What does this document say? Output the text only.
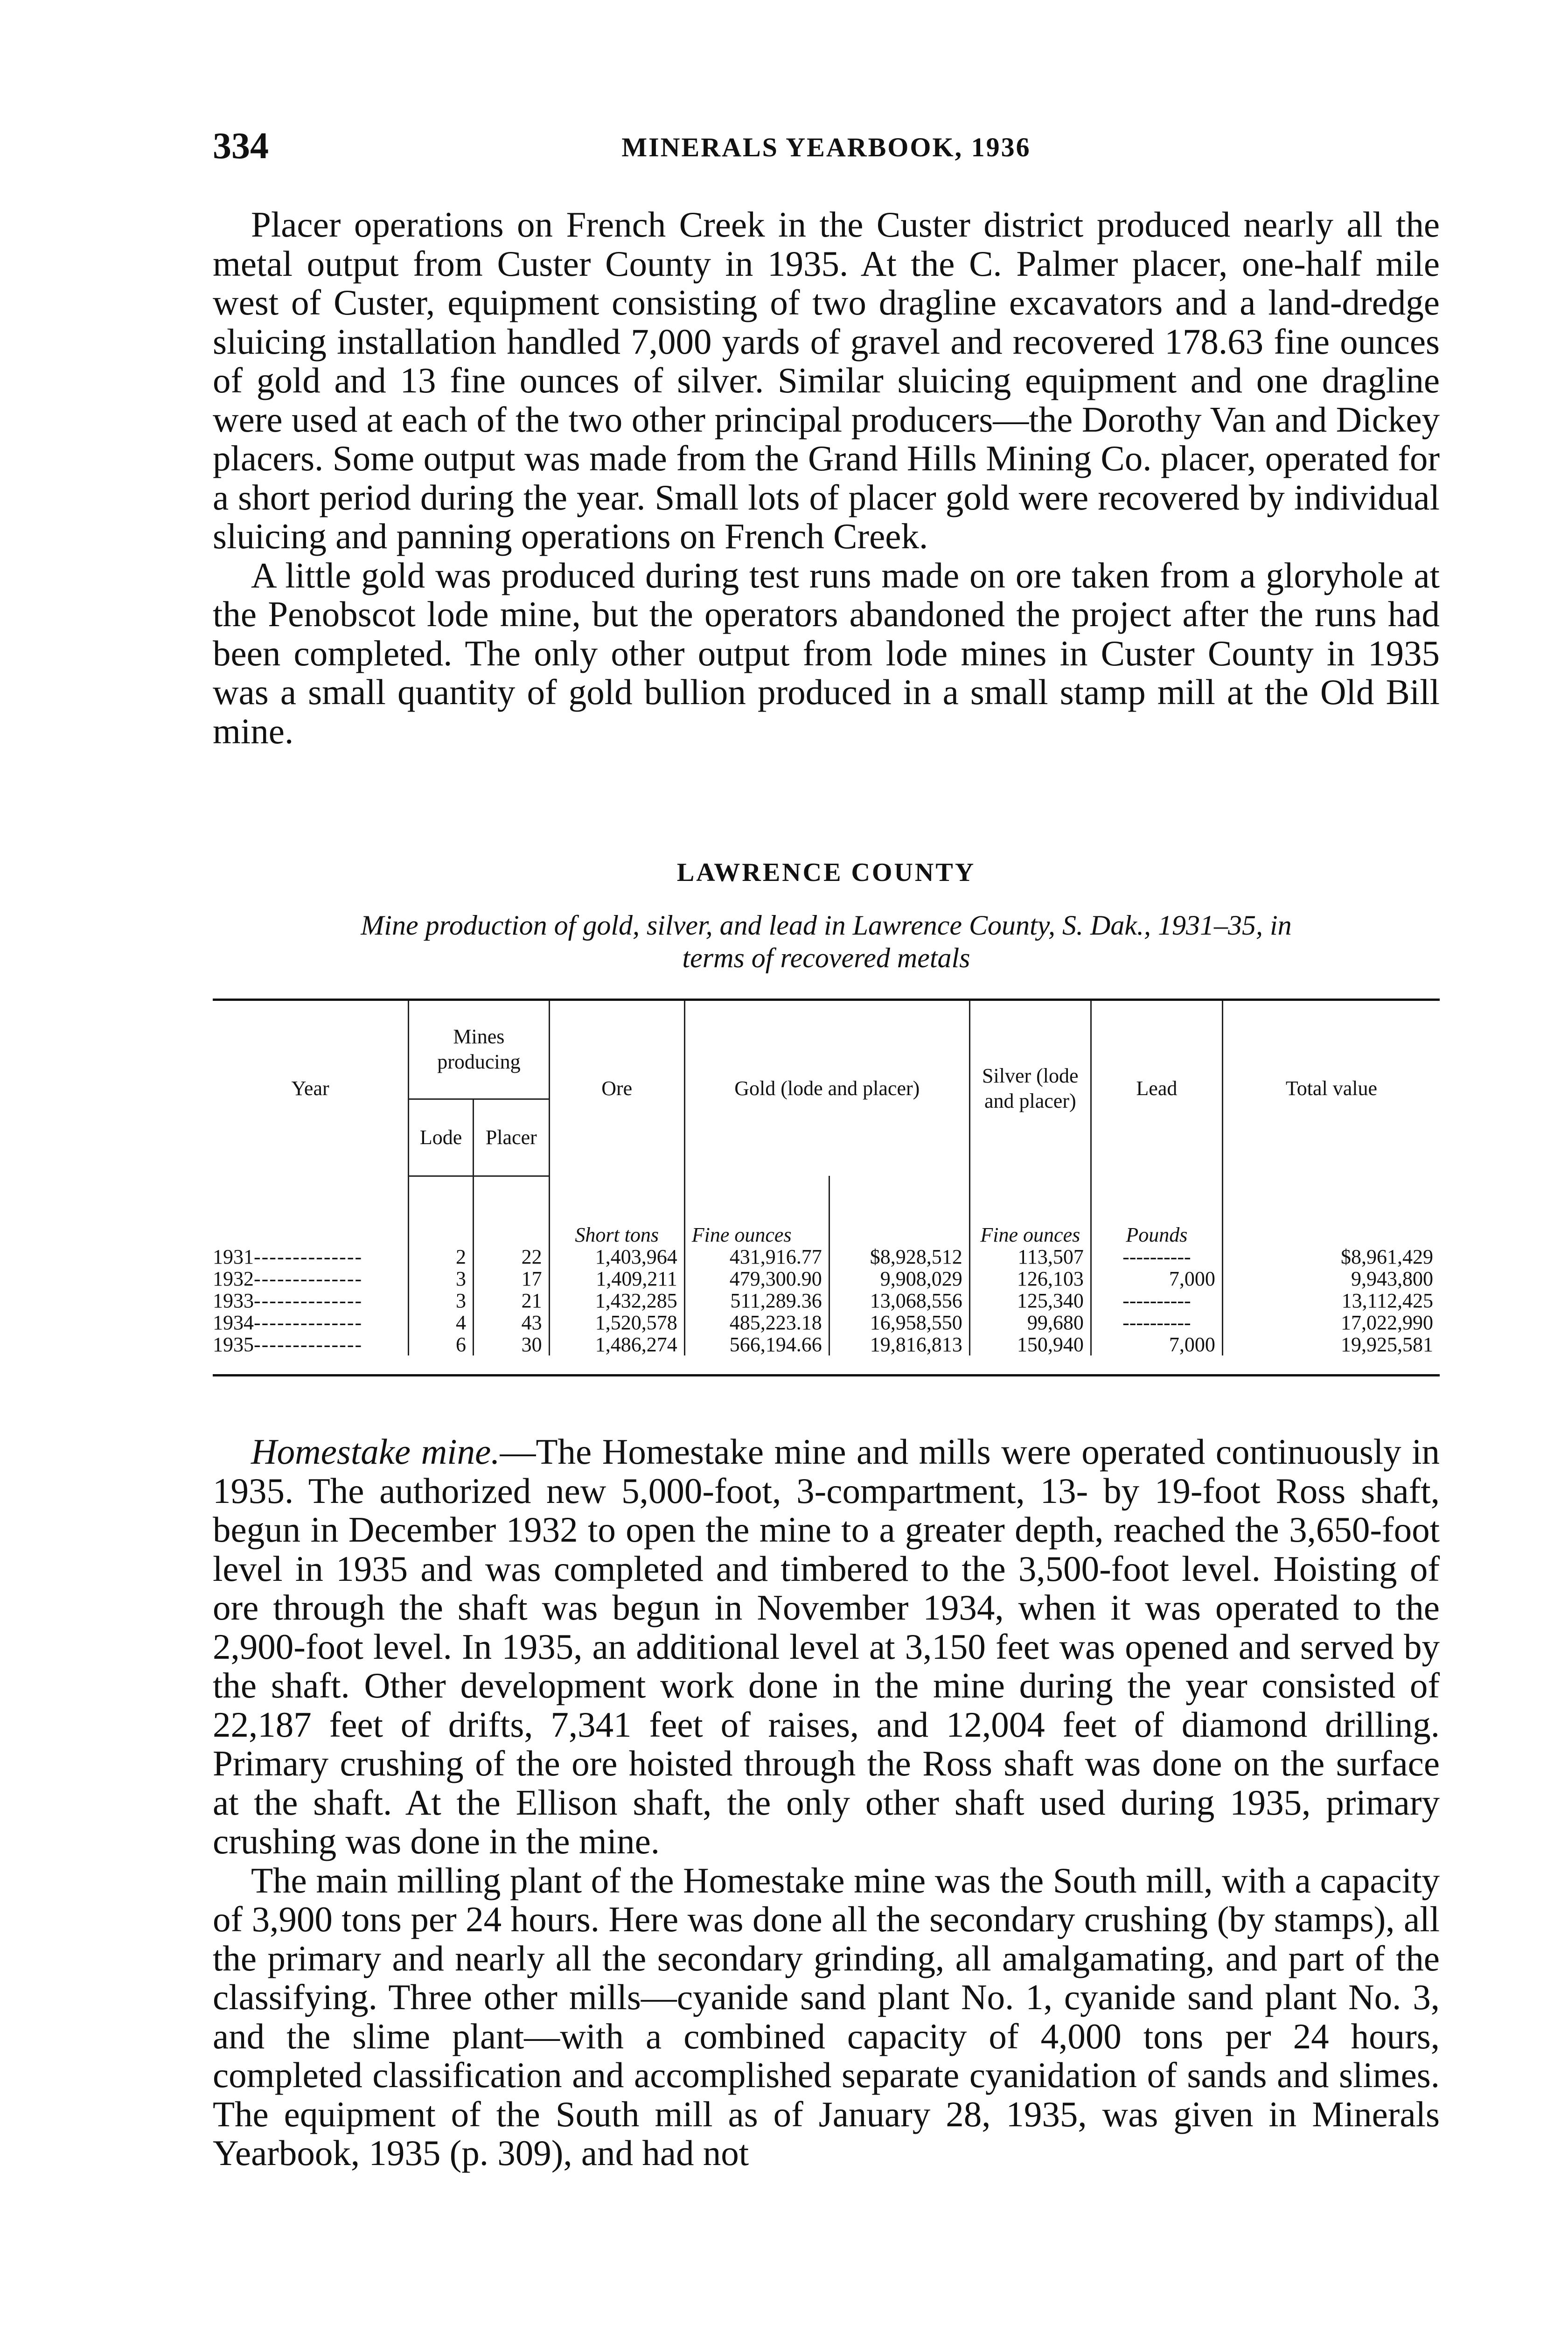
334	MINERALS YEARBOOK, 1936

Placer operations on French Creek in the Custer district produced nearly all the metal output from Custer County in 1935. At the C. Palmer placer, one-half mile west of Custer, equipment consisting of two dragline excavators and a land-dredge sluicing installation handled 7,000 yards of gravel and recovered 178.63 fine ounces of gold and 13 fine ounces of silver. Similar sluicing equipment and one dragline were used at each of the two other principal producers—the Dorothy Van and Dickey placers. Some output was made from the Grand Hills Mining Co. placer, operated for a short period during the year. Small lots of placer gold were recovered by individual sluicing and panning operations on French Creek.

A little gold was produced during test runs made on ore taken from a gloryhole at the Penobscot lode mine, but the operators abandoned the project after the runs had been completed. The only other output from lode mines in Custer County in 1935 was a small quantity of gold bullion produced in a small stamp mill at the Old Bill mine.

LAWRENCE COUNTY
Mine production of gold, silver, and lead in Lawrence County, S. Dak., 1931–35, in
terms of recovered metals
Year	Mines producing		Ore	Gold (lode and placer)		Silver (lode and placer)	Lead	Total value
	Lode	Placer						
			Short tons	Fine ounces		Fine ounces	Pounds	
1931--------------	2	22	1,403,964	431,916.77	$8,928,512	113,507	----------	$8,961,429
1932--------------	3	17	1,409,211	479,300.90	9,908,029	126,103	7,000	9,943,800
1933--------------	3	21	1,432,285	511,289.36	13,068,556	125,340	----------	13,112,425
1934--------------	4	43	1,520,578	485,223.18	16,958,550	99,680	----------	17,022,990
1935--------------	6	30	1,486,274	566,194.66	19,816,813	150,940	7,000	19,925,581

Homestake mine.—The Homestake mine and mills were operated continuously in 1935. The authorized new 5,000-foot, 3-compartment, 13- by 19-foot Ross shaft, begun in December 1932 to open the mine to a greater depth, reached the 3,650-foot level in 1935 and was completed and timbered to the 3,500-foot level. Hoisting of ore through the shaft was begun in November 1934, when it was operated to the 2,900-foot level. In 1935, an additional level at 3,150 feet was opened and served by the shaft. Other development work done in the mine during the year consisted of 22,187 feet of drifts, 7,341 feet of raises, and 12,004 feet of diamond drilling. Primary crushing of the ore hoisted through the Ross shaft was done on the surface at the shaft. At the Ellison shaft, the only other shaft used during 1935, primary crushing was done in the mine.

The main milling plant of the Homestake mine was the South mill, with a capacity of 3,900 tons per 24 hours. Here was done all the secondary crushing (by stamps), all the primary and nearly all the secondary grinding, all amalgamating, and part of the classifying. Three other mills—cyanide sand plant No. 1, cyanide sand plant No. 3, and the slime plant—with a combined capacity of 4,000 tons per 24 hours, completed classification and accomplished separate cyanidation of sands and slimes. The equipment of the South mill as of January 28, 1935, was given in Minerals Yearbook, 1935 (p. 309), and had not
